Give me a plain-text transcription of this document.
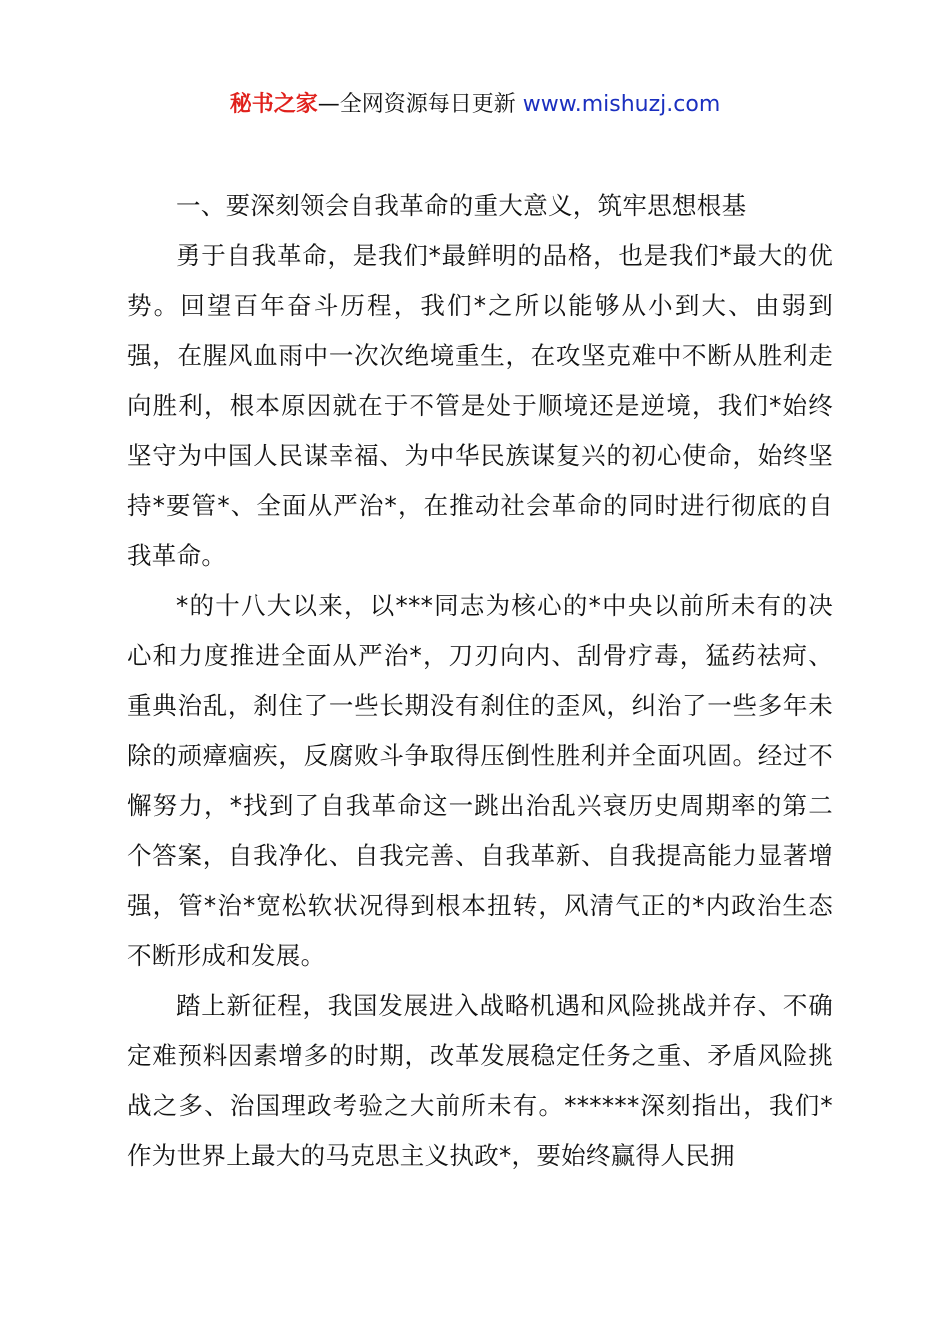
秘书之家—全网资源每日更新 www.mishuzj.com

一、要深刻领会自我革命的重大意义，筑牢思想根基

勇于自我革命，是我们*最鲜明的品格，也是我们*最大的优势。回望百年奋斗历程，我们*之所以能够从小到大、由弱到强，在腥风血雨中一次次绝境重生，在攻坚克难中不断从胜利走向胜利，根本原因就在于不管是处于顺境还是逆境，我们*始终坚守为中国人民谋幸福、为中华民族谋复兴的初心使命，始终坚持*要管*、全面从严治*，在推动社会革命的同时进行彻底的自我革命。

*的十八大以来，以***同志为核心的*中央以前所未有的决心和力度推进全面从严治*，刀刃向内、刮骨疗毒，猛药祛疴、重典治乱，刹住了一些长期没有刹住的歪风，纠治了一些多年未除的顽瘴痼疾，反腐败斗争取得压倒性胜利并全面巩固。经过不懈努力，*找到了自我革命这一跳出治乱兴衰历史周期率的第二个答案，自我净化、自我完善、自我革新、自我提高能力显著增强，管*治*宽松软状况得到根本扭转，风清气正的*内政治生态不断形成和发展。

踏上新征程，我国发展进入战略机遇和风险挑战并存、不确定难预料因素增多的时期，改革发展稳定任务之重、矛盾风险挑战之多、治国理政考验之大前所未有。******深刻指出，我们*作为世界上最大的马克思主义执政*，要始终赢得人民拥
